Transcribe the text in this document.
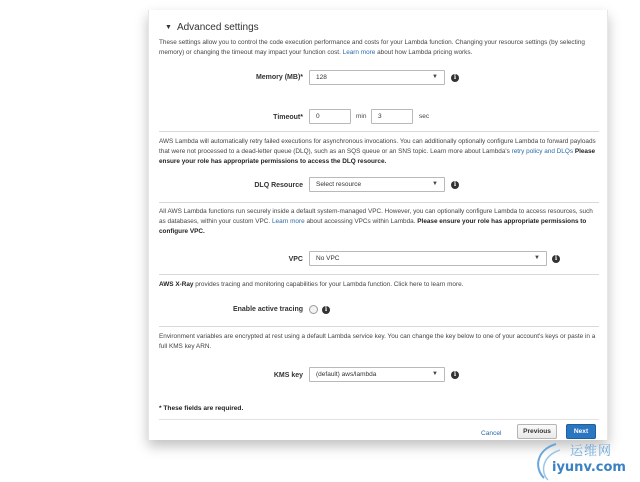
▼ Advanced settings
These settings allow you to control the code execution performance and costs for your Lambda function. Changing your resource settings (by selecting memory) or changing the timeout may impact your function cost. Learn more about how Lambda pricing works.
Memory (MB)*	128	▼	i
Timeout*	0	min	3	sec
AWS Lambda will automatically retry failed executions for asynchronous invocations. You can additionally optionally configure Lambda to forward payloads that were not processed to a dead-letter queue (DLQ), such as an SQS queue or an SNS topic. Learn more about Lambda's retry policy and DLQs Please ensure your role has appropriate permissions to access the DLQ resource.
DLQ Resource	Select resource	▼	i
All AWS Lambda functions run securely inside a default system-managed VPC. However, you can optionally configure Lambda to access resources, such as databases, within your custom VPC. Learn more about accessing VPCs within Lambda. Please ensure your role has appropriate permissions to configure VPC.
VPC	No VPC	▼	i
AWS X-Ray provides tracing and monitoring capabilities for your Lambda function. Click here to learn more.
Enable active tracing	i
Environment variables are encrypted at rest using a default Lambda service key. You can change the key below to one of your account's keys or paste in a full KMS key ARN.
KMS key	(default) aws/lambda	▼	i
* These fields are required.
Cancel	Previous	Next
运维网
iyunv.com
